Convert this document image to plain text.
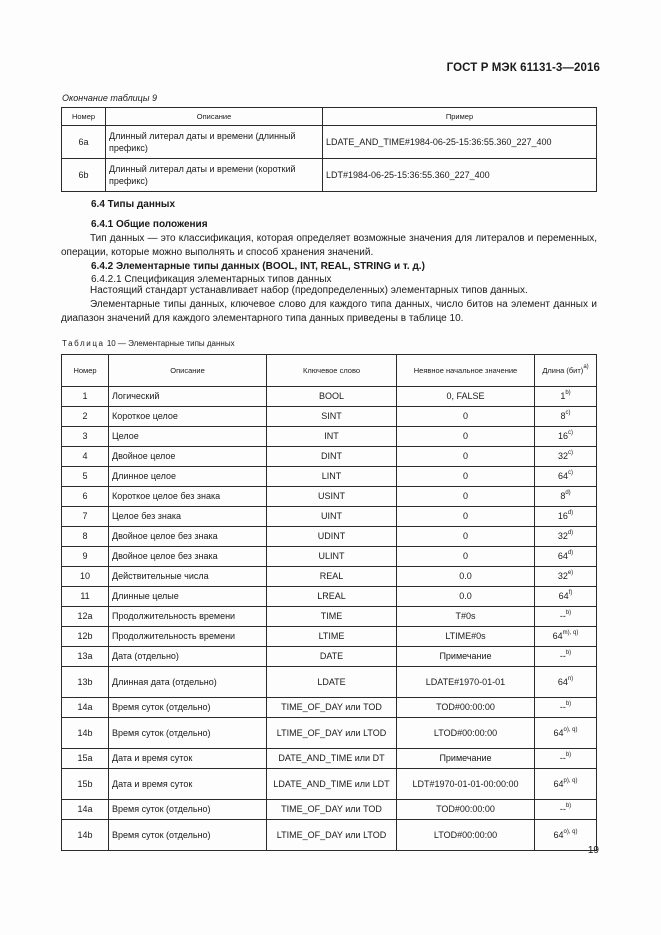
ГОСТ Р МЭК 61131-3—2016
Окончание таблицы 9
Номер	Описание	Пример
6a	Длинный литерал даты и времени (длинный префикс)	LDATE_AND_TIME#1984-06-25-15:36:55.360_227_400
6b	Длинный литерал даты и времени (короткий префикс)	LDT#1984-06-25-15:36:55.360_227_400
6.4 Типы данных
6.4.1 Общие положения
Тип данных — это классификация, которая определяет возможные значения для литералов и переменных, операции, которые можно выполнять и способ хранения значений.
6.4.2 Элементарные типы данных (BOOL, INT, REAL, STRING и т. д.)
6.4.2.1 Спецификация элементарных типов данных
Настоящий стандарт устанавливает набор (предопределенных) элементарных типов данных.
Элементарные типы данных, ключевое слово для каждого типа данных, число битов на элемент данных и диапазон значений для каждого элементарного типа данных приведены в таблице 10.
Таблица 10 — Элементарные типы данных
Номер	Описание	Ключевое слово	Неявное начальное значение	Длина (бит)$^{a)}$
1	Логический	BOOL	0, FALSE	1$^{b)}$
2	Короткое целое	SINT	0	8$^{c)}$
3	Целое	INT	0	16$^{c)}$
4	Двойное целое	DINT	0	32$^{c)}$
5	Длинное целое	LINT	0	64$^{c)}$
6	Короткое целое без знака	USINT	0	8$^{d)}$
7	Целое без знака	UINT	0	16$^{d)}$
8	Двойное целое без знака	UDINT	0	32$^{d)}$
9	Двойное целое без знака	ULINT	0	64$^{d)}$
10	Действительные числа	REAL	0.0	32$^{e)}$
11	Длинные целые	LREAL	0.0	64$^{f)}$
12a	Продолжительность времени	TIME	T#0s	--$^{b)}$
12b	Продолжительность времени	LTIME	LTIME#0s	$64^{m), q)}$
13a	Дата (отдельно)	DATE	Примечание	--$^{b)}$
13b	Длинная дата (отдельно)	LDATE	LDATE#1970-01-01	64$^{n)}$
14a	Время суток (отдельно)	TIME_OF_DAY или TOD	TOD#00:00:00	--$^{b)}$
14b	Время суток (отдельно)	LTIME_OF_DAY или LTOD	LTOD#00:00:00	$64^{o), q)}$
15a	Дата и время суток	DATE_AND_TIME или DT	Примечание	--$^{b)}$
15b	Дата и время суток	LDATE_AND_TIME или LDT	LDT#1970-01-01-00:00:00	$64^{p), q)}$
14a	Время суток (отдельно)	TIME_OF_DAY или TOD	TOD#00:00:00	--$^{b)}$
14b	Время суток (отдельно)	LTIME_OF_DAY или LTOD	LTOD#00:00:00	$64^{o), q)}$
19
